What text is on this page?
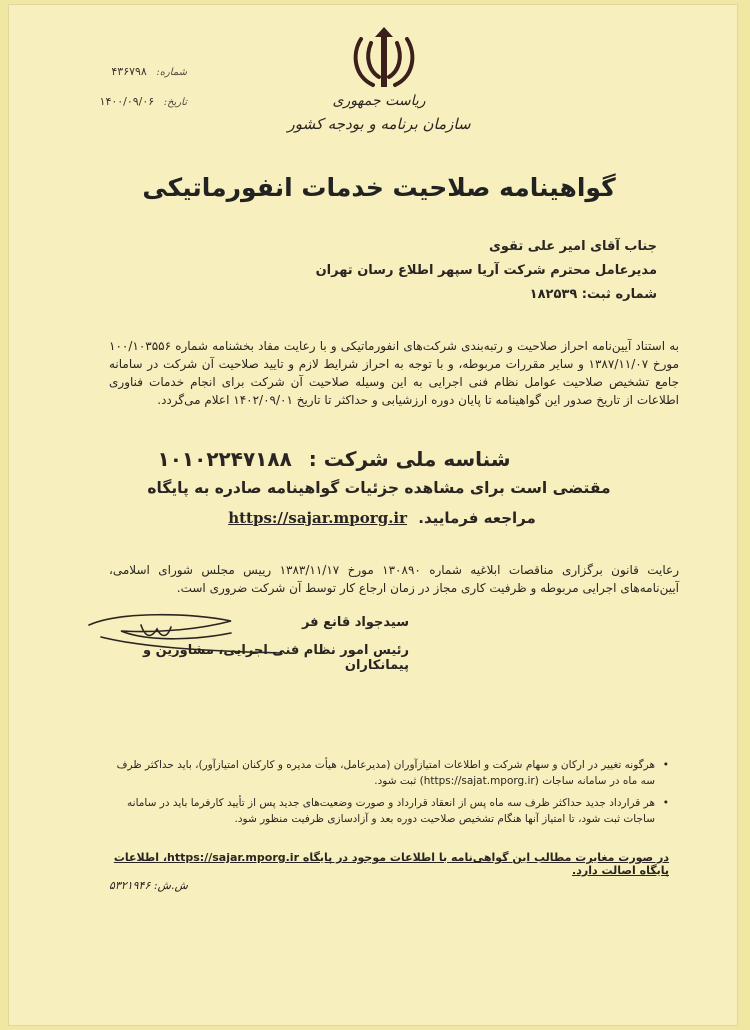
شماره: ۴۳۶۷۹۸
تاریخ: ۱۴۰۰/۰۹/۰۶	ریاست جمهوری
سازمان برنامه و بودجه کشور
گواهینامه صلاحیت خدمات انفورماتیکی
جناب آقای امیر علی تقوی
مدیرعامل محترم شرکت آریا سپهر اطلاع رسان تهران
شماره ثبت: ۱۸۲۵۳۹
به استناد آیین‌نامه احراز صلاحیت و رتبه‌بندی شرکت‌های انفورماتیکی و با رعایت مفاد بخشنامه شماره ۱۰۰/۱۰۳۵۵۶ مورخ ۱۳۸۷/۱۱/۰۷ و سایر مقررات مربوطه، و با توجه به احراز شرایط لازم و تایید صلاحیت آن شرکت در سامانه جامع تشخیص صلاحیت عوامل نظام فنی اجرایی به این وسیله صلاحیت آن شرکت برای انجام خدمات فناوری اطلاعات از تاریخ صدور این گواهینامه تا پایان دوره ارزشیابی و حداکثر تا تاریخ ۱۴۰۲/۰۹/۰۱ اعلام می‌گردد.
شناسه ملی شرکت : ۱۰۱۰۲۲۴۷۱۸۸
مقتضی است برای مشاهده جزئیات گواهینامه صادره به پایگاه
مراجعه فرمایید. https://sajar.mporg.ir
رعایت قانون برگزاری مناقصات ابلاغیه شماره ۱۳۰۸۹۰ مورخ ۱۳۸۳/۱۱/۱۷ رییس مجلس شورای اسلامی، آیین‌نامه‌های اجرایی مربوطه و ظرفیت کاری مجاز در زمان ارجاع کار توسط آن شرکت ضروری است.
سیدجواد قانع فر
رئیس امور نظام فنی اجرایی، مشاورین و پیمانکاران
• هرگونه تغییر در ارکان و سهام شرکت و اطلاعات امتیازآوران (مدیرعامل، هیأت مدیره و کارکنان امتیازآور)، باید حداکثر ظرف سه ماه در سامانه ساجات (https://sajat.mporg.ir) ثبت شود.
• هر قرارداد جدید حداکثر ظرف سه ماه پس از انعقاد قرارداد و صورت وضعیت‌های جدید پس از تأیید کارفرما باید در سامانه ساجات ثبت شود، تا امتیاز آنها هنگام تشخیص صلاحیت دوره بعد و آزادسازی ظرفیت منظور شود.
در صورت مغایرت مطالب این گواهی‌نامه با اطلاعات موجود در پایگاه https://sajar.mporg.ir، اطلاعات پایگاه اصالت دارد.
ش.ش: ۵۳۲۱۹۴۶
